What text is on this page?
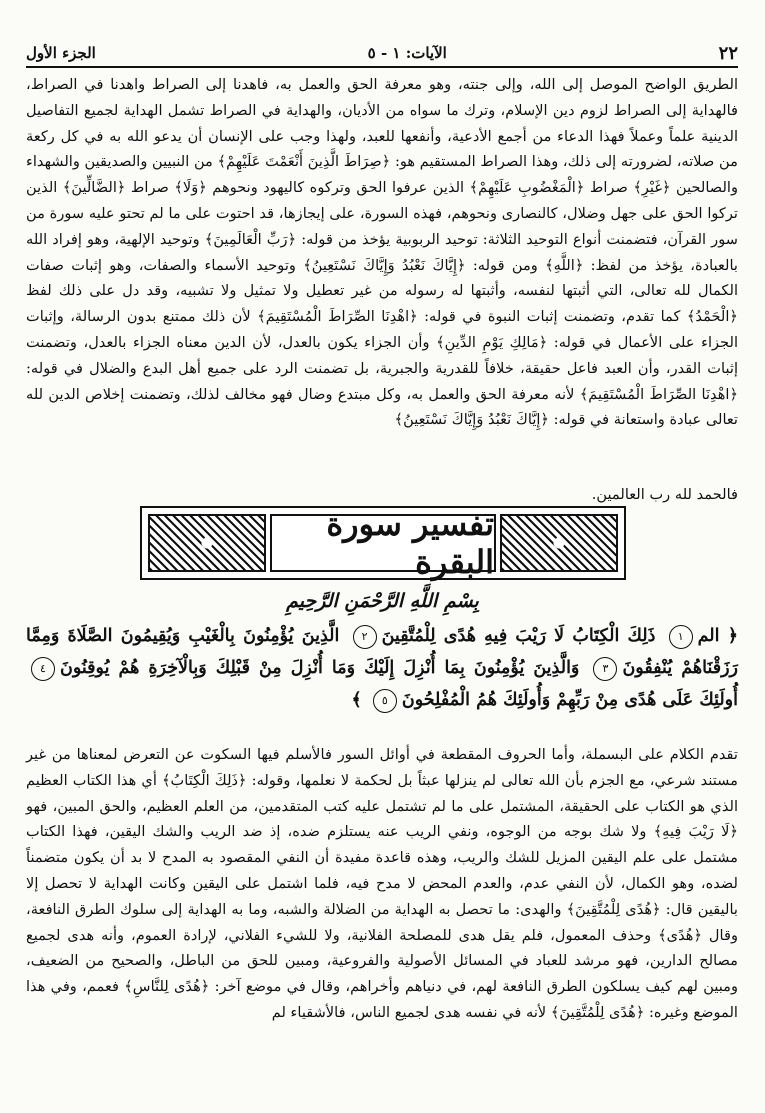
٢٢
الآيات: ١ - ٥
الجزء الأول

الطريق الواضح الموصل إلى الله، وإلى جنته، وهو معرفة الحق والعمل به، فاهدنا إلى الصراط واهدنا في الصراط، فالهداية إلى الصراط لزوم دين الإسلام، وترك ما سواه من الأديان، والهداية في الصراط تشمل الهداية لجميع التفاصيل الدينية علماً وعملاً فهذا الدعاء من أجمع الأدعية، وأنفعها للعبد، ولهذا وجب على الإنسان أن يدعو الله به في كل ركعة من صلاته، لضرورته إلى ذلك، وهذا الصراط المستقيم هو: ﴿صِرَاطَ الَّذِينَ أَنْعَمْتَ عَلَيْهِمْ﴾ من النبيين والصديقين والشهداء والصالحين ﴿غَيْرِ﴾ صراط ﴿الْمَغْضُوبِ عَلَيْهِمْ﴾ الذين عرفوا الحق وتركوه كاليهود ونحوهم ﴿وَلَا﴾ صراط ﴿الضَّالِّينَ﴾ الذين تركوا الحق على جهل وضلال، كالنصارى ونحوهم، فهذه السورة، على إيجازها، قد احتوت على ما لم تحتو عليه سورة من سور القرآن، فتضمنت أنواع التوحيد الثلاثة: توحيد الربوبية يؤخذ من قوله: ﴿رَبِّ الْعَالَمِينَ﴾ وتوحيد الإلهية، وهو إفراد الله بالعبادة، يؤخذ من لفظ: ﴿اللَّهِ﴾ ومن قوله: ﴿إِيَّاكَ نَعْبُدُ وَإِيَّاكَ نَسْتَعِينُ﴾ وتوحيد الأسماء والصفات، وهو إثبات صفات الكمال لله تعالى، التي أثبتها لنفسه، وأثبتها له رسوله من غير تعطيل ولا تمثيل ولا تشبيه، وقد دل على ذلك لفظ ﴿الْحَمْدُ﴾ كما تقدم، وتضمنت إثبات النبوة في قوله: ﴿اهْدِنَا الصِّرَاطَ الْمُسْتَقِيمَ﴾ لأن ذلك ممتنع بدون الرسالة، وإثبات الجزاء على الأعمال في قوله: ﴿مَالِكِ يَوْمِ الدِّينِ﴾ وأن الجزاء يكون بالعدل، لأن الدين معناه الجزاء بالعدل، وتضمنت إثبات القدر، وأن العبد فاعل حقيقة، خلافاً للقدرية والجبرية، بل تضمنت الرد على جميع أهل البدع والضلال في قوله: ﴿اهْدِنَا الصِّرَاطَ الْمُسْتَقِيمَ﴾ لأنه معرفة الحق والعمل به، وكل مبتدع وضال فهو مخالف لذلك، وتضمنت إخلاص الدين لله تعالى عبادة واستعانة في قوله: ﴿إِيَّاكَ نَعْبُدُ وَإِيَّاكَ نَسْتَعِينُ﴾

فالحمد لله رب العالمين.

تفسير سورة البقرة
بِسْمِ اللَّهِ الرَّحْمَنِ الرَّحِيمِ
﴿ الم١ ذَلِكَ الْكِتَابُ لَا رَيْبَ فِيهِ هُدًى لِلْمُتَّقِينَ٢ الَّذِينَ يُؤْمِنُونَ بِالْغَيْبِ وَيُقِيمُونَ الصَّلَاةَ وَمِمَّا رَزَقْنَاهُمْ يُنْفِقُونَ٣ وَالَّذِينَ يُؤْمِنُونَ بِمَا أُنْزِلَ إِلَيْكَ وَمَا أُنْزِلَ مِنْ قَبْلِكَ وَبِالْآخِرَةِ هُمْ يُوقِنُونَ٤ أُولَئِكَ عَلَى هُدًى مِنْ رَبِّهِمْ وَأُولَئِكَ هُمُ الْمُفْلِحُونَ٥ ﴾

تقدم الكلام على البسملة، وأما الحروف المقطعة في أوائل السور فالأسلم فيها السكوت عن التعرض لمعناها من غير مستند شرعي، مع الجزم بأن الله تعالى لم ينزلها عبثاً بل لحكمة لا نعلمها، وقوله: ﴿ذَلِكَ الْكِتَابُ﴾ أي هذا الكتاب العظيم الذي هو الكتاب على الحقيقة، المشتمل على ما لم تشتمل عليه كتب المتقدمين، من العلم العظيم، والحق المبين، فهو ﴿لَا رَيْبَ فِيهِ﴾ ولا شك بوجه من الوجوه، ونفي الريب عنه يستلزم ضده، إذ ضد الريب والشك اليقين، فهذا الكتاب مشتمل على علم اليقين المزيل للشك والريب، وهذه قاعدة مفيدة أن النفي المقصود به المدح لا بد أن يكون متضمناً لضده، وهو الكمال، لأن النفي عدم، والعدم المحض لا مدح فيه، فلما اشتمل على اليقين وكانت الهداية لا تحصل إلا باليقين قال: ﴿هُدًى لِلْمُتَّقِينَ﴾ والهدى: ما تحصل به الهداية من الضلالة والشبه، وما به الهداية إلى سلوك الطرق النافعة، وقال ﴿هُدًى﴾ وحذف المعمول، فلم يقل هدى للمصلحة الفلانية، ولا للشيء الفلاني، لإرادة العموم، وأنه هدى لجميع مصالح الدارين، فهو مرشد للعباد في المسائل الأصولية والفروعية، ومبين للحق من الباطل، والصحيح من الضعيف، ومبين لهم كيف يسلكون الطرق النافعة لهم، في دنياهم وأخراهم، وقال في موضع آخر: ﴿هُدًى لِلنَّاسِ﴾ فعمم، وفي هذا الموضع وغيره: ﴿هُدًى لِلْمُتَّقِينَ﴾ لأنه في نفسه هدى لجميع الناس، فالأشقياء لم
